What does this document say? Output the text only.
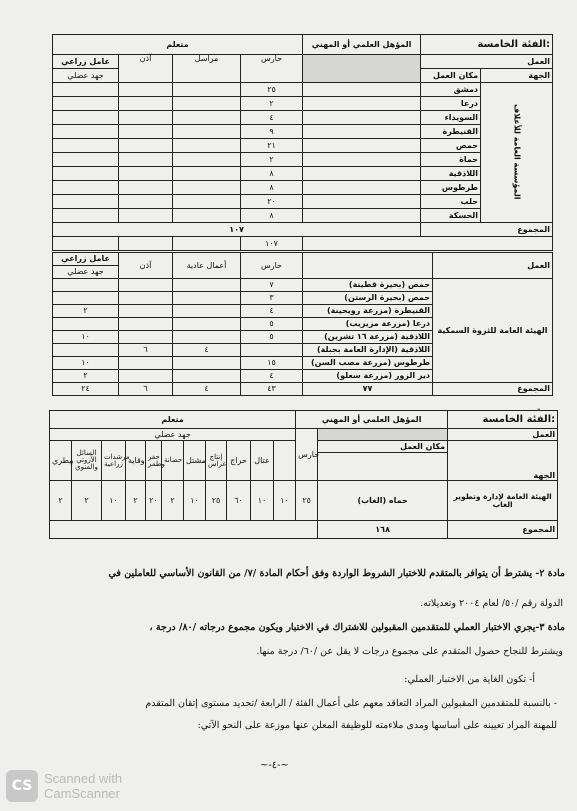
متعلم				المؤهل العلمي أو المهني	الفئة الخامسة:	
عامل زراعي	آذن	مراسل	حارس		العمل	
جهد عضلي					مكان العمل	الجهة
			٢٥		دمشق	المؤسسة العامة للأعلاف
			٢		درعا	
			٤		السويداء	
			٩		القنيطرة	
			٢١		حمص	
			٢		حماة	
			٨		اللاذقية	
			٨		طرطوس	
			٢٠		حلب	
			٨		الحسكة	
١٠٧					المجموع	
			١٠٧			
عامل زراعي	آذن	أعمال عادية	حارس		العمل
جهد عضلي					
			٧	حمص (بحيرة قطينة)	الهيئة العامة للثروة السمكية
			٣	حمص (بحيرة الرستن)	
٢			٤	القنيطرة (مزرعة رويحينة)	
			٥	درعا (مزرعة مزيريب)	
١٠			٥	اللاذقية (مزرعة ١٦ تشرين)	
	٦	٤		اللاذقية (الإدارة العامة بجبلة)	
١٠			١٥	طرطوس (مزرعة مصب السن)	
٢			٤	دير الزور (مزرعة سعلو)	
٢٤	٦	٤	٤٣	٧٧	المجموع
-
متعلم											المؤهل العلمي أو المهني		الفئة الخامسة:
جهد عضلي											حارس		العمل
بيطري	السائل الأزوتي والمنوي	مرشدات زراعية	وقاية	حفر وطمر	حضانة	مشتل	إنتاج غراس	حراج	عتال			مكان العمل	الجهة

٢	٢	١٠	٢	٢٠	٢	١٠	٢٥	٦٠	١٠	١٠	٢٥	حماه (الغاب)	الهيئة العامة لإدارة وتطوير الغاب
												١٦٨	المجموع
مادة ٢- يشترط أن يتوافر بالمتقدم للاختبار الشروط الواردة وفق أحكام المادة /٧/ من القانون الأساسي للعاملين في
الدولة رقم /٥٠/ لعام ٢٠٠٤ وتعديلاته.
مادة ٣-يجري الاختبار العملي للمتقدمين المقبولين للاشتراك في الاختبار ويكون مجموع درجاته /٨٠/ درجة ،
ويشترط للنجاح حصول المتقدم على مجموع درجات لا يقل عن /٦٠/ درجة منها.
أ- تكون الغاية من الاختبار العملي:
- بالنسبة للمتقدمين المقبولين المراد التعاقد معهم على أعمال الفئة / الرابعة /تحديد مستوى إتقان المتقدم
للمهنة المراد تعيينه على أساسها ومدى ملاءمته للوظيفة المعلن عنها موزعة على النحو الآتي:
~-٤-~
CS Scanned with
CamScanner
